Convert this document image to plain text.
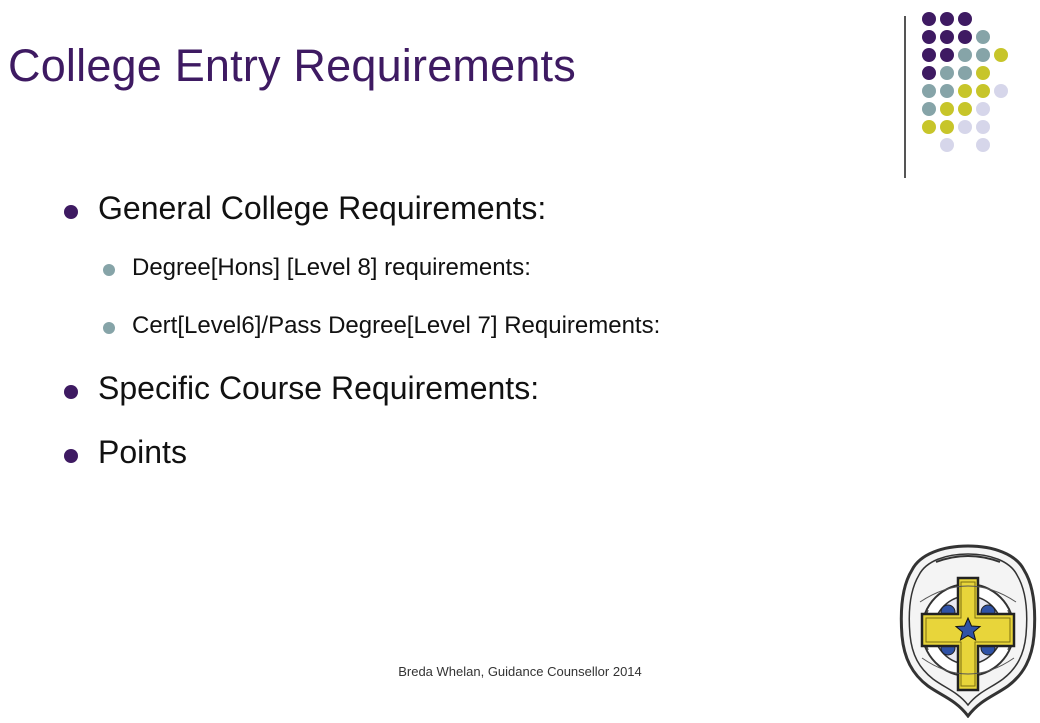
College Entry Requirements
General College Requirements:
Degree[Hons] [Level 8] requirements:
Cert[Level6]/Pass Degree[Level 7] Requirements:
Specific Course Requirements:
Points
Breda Whelan, Guidance Counsellor 2014
